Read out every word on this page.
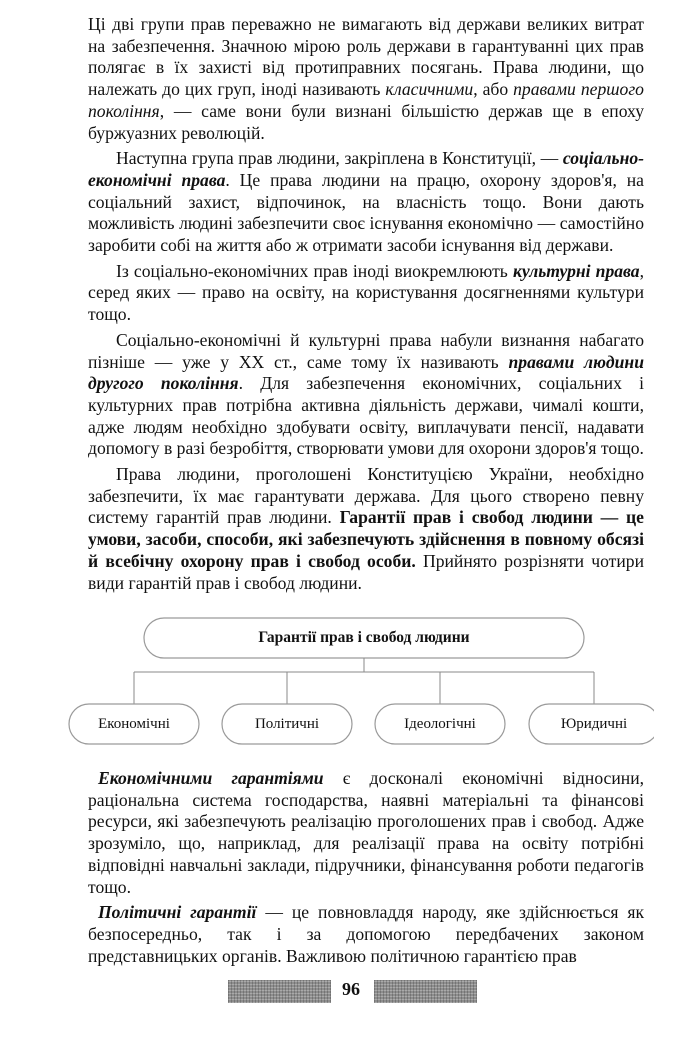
Ці дві групи прав переважно не вимагають від держави великих витрат на забезпечення. Значною мірою роль держави в гарантуванні цих прав полягає в їх захисті від протиправних посягань. Права людини, що належать до цих груп, іноді називають класичними, або правами першого покоління, — саме вони були визнані більшістю держав ще в епоху буржуазних революцій.

Наступна група прав людини, закріплена в Конституції, — соціально-економічні права. Це права людини на працю, охорону здоров'я, на соціальний захист, відпочинок, на власність тощо. Вони дають можливість людині забезпечити своє існування економічно — самостійно заробити собі на життя або ж отримати засоби існування від держави.

Із соціально-економічних прав іноді виокремлюють культурні права, серед яких — право на освіту, на користування досягненнями культури тощо.

Соціально-економічні й культурні права набули визнання набагато пізніше — уже у XX ст., саме тому їх називають правами людини другого покоління. Для забезпечення економічних, соціальних і культурних прав потрібна активна діяльність держави, чималі кошти, адже людям необхідно здобувати освіту, виплачувати пенсії, надавати допомогу в разі безробіття, створювати умови для охорони здоров'я тощо.

Права людини, проголошені Конституцією України, необхідно забезпечити, їх має гарантувати держава. Для цього створено певну систему гарантій прав людини. Гарантії прав і свобод людини — це умови, засоби, способи, які забезпечують здійснення в повному обсязі й всебічну охорону прав і свобод особи. Прийнято розрізняти чотири види гарантій прав і свобод людини.

Гарантії прав і свобод людини
Економічні	Політичні	Ідеологічні	Юридичні

Економічними гарантіями є досконалі економічні відносини, раціональна система господарства, наявні матеріальні та фінансові ресурси, які забезпечують реалізацію проголошених прав і свобод. Адже зрозуміло, що, наприклад, для реалізації права на освіту потрібні відповідні навчальні заклади, підручники, фінансування роботи педагогів тощо.

Політичні гарантії — це повновладдя народу, яке здійснюється як безпосередньо, так і за допомогою передбачених законом представницьких органів. Важливою політичною гарантією прав

96
